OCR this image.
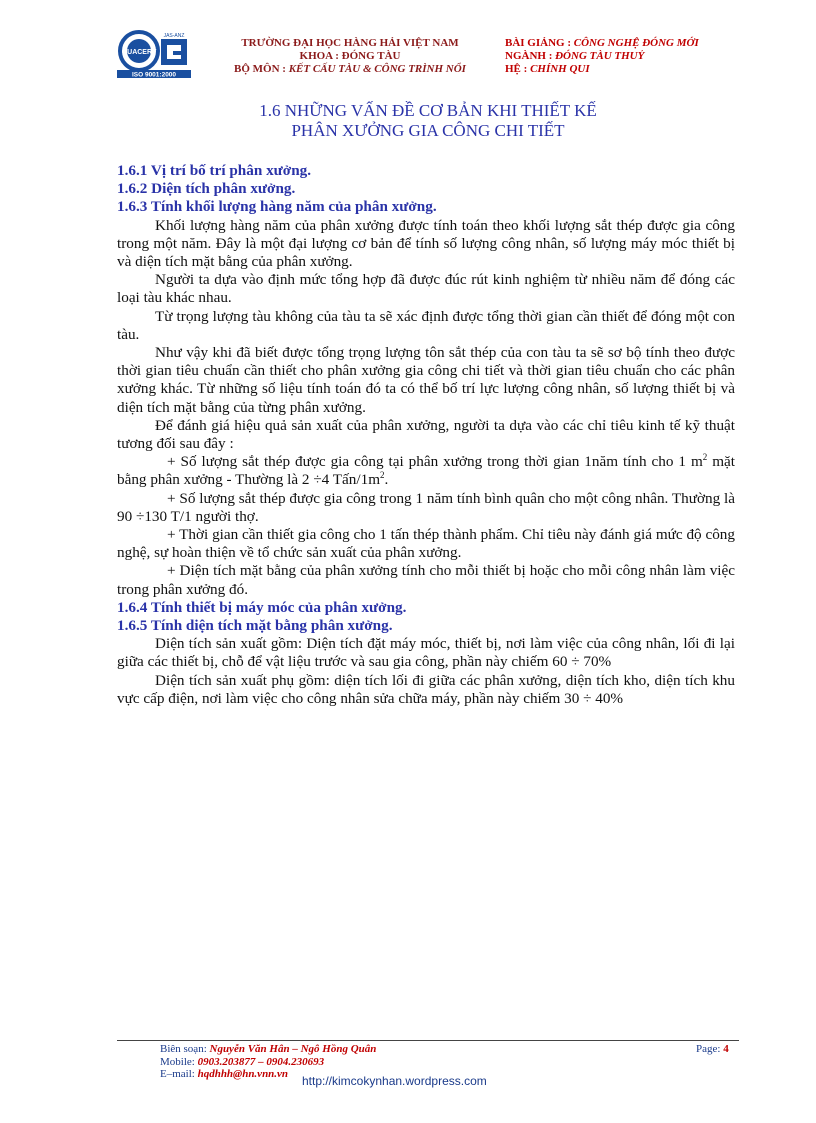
QUACERT
JAS-ANZ
ISO 9001:2000
TRƯỜNG ĐẠI HỌC HÀNG HẢI VIỆT NAM
KHOA : ĐÓNG TÀU
BỘ MÔN : KẾT CẤU TÀU & CÔNG TRÌNH NỔI
BÀI GIẢNG : CÔNG NGHỆ ĐÓNG MỚI
NGÀNH : ĐÓNG TÀU THUỶ
HỆ : CHÍNH QUI
1.6 NHỮNG VẤN ĐỀ CƠ BẢN KHI THIẾT KẾ
PHÂN XƯỞNG GIA CÔNG CHI TIẾT

1.6.1 Vị trí bố trí phân xưởng.

1.6.2 Diện tích phân xưởng.

1.6.3 Tính khối lượng hàng năm của phân xưởng.

Khối lượng hàng năm của phân xưởng được tính toán theo khối lượng sắt thép được gia công trong một năm. Đây là một đại lượng cơ bản để tính số lượng công nhân, số lượng máy móc thiết bị và diện tích mặt bằng của phân xưởng.

Người ta dựa vào định mức tổng hợp đã được đúc rút kinh nghiệm từ nhiều năm để đóng các loại tàu khác nhau.

Từ trọng lượng tàu không của tàu ta sẽ xác định được tổng thời gian cần thiết để đóng một con tàu.

Như vậy khi đã biết được tổng trọng lượng tôn sắt thép của con tàu ta sẽ sơ bộ tính theo được thời gian tiêu chuẩn cần thiết cho phân xưởng gia công chi tiết và thời gian tiêu chuẩn cho các phân xưởng khác. Từ những số liệu tính toán đó ta có thể bố trí lực lượng công nhân, số lượng thiết bị và diện tích mặt bằng của từng phân xưởng.

Để đánh giá hiệu quả sản xuất của phân xưởng, người ta dựa vào các chỉ tiêu kinh tế kỹ thuật tương đối sau đây :

+ Số lượng sắt thép được gia công tại phân xưởng trong thời gian 1năm tính cho 1 $m^2$ mặt bằng phân xưởng - Thường là 2 ÷4 Tấn/$1m^2$.

+ Số lượng sắt thép được gia công trong 1 năm tính bình quân cho một công nhân. Thường là 90 ÷130 T/1 người thợ.

+ Thời gian cần thiết gia công cho 1 tấn thép thành phẩm. Chỉ tiêu này đánh giá mức độ công nghệ, sự hoàn thiện về tổ chức sản xuất của phân xưởng.

+ Diện tích mặt bằng của phân xưởng tính cho mỗi thiết bị hoặc cho mỗi công nhân làm việc trong phân xưởng đó.

1.6.4 Tính thiết bị máy móc của phân xưởng.

1.6.5 Tính diện tích mặt bằng phân xưởng.

Diện tích sản xuất gồm: Diện tích đặt máy móc, thiết bị, nơi làm việc của công nhân, lối đi lại giữa các thiết bị, chỗ để vật liệu trước và sau gia công, phần này chiếm 60 ÷ 70%

Diện tích sản xuất phụ gồm: diện tích lối đi giữa các phân xưởng, diện tích kho, diện tích khu vực cấp điện, nơi làm việc cho công nhân sửa chữa máy, phần này chiếm 30 ÷ 40%

Biên soạn: Nguyễn Văn Hân – Ngô Hồng Quân
Mobile: 0903.203877 – 0904.230693
E–mail: hqdhhh@hn.vnn.vn
Page: 4
http://kimcokynhan.wordpress.com
